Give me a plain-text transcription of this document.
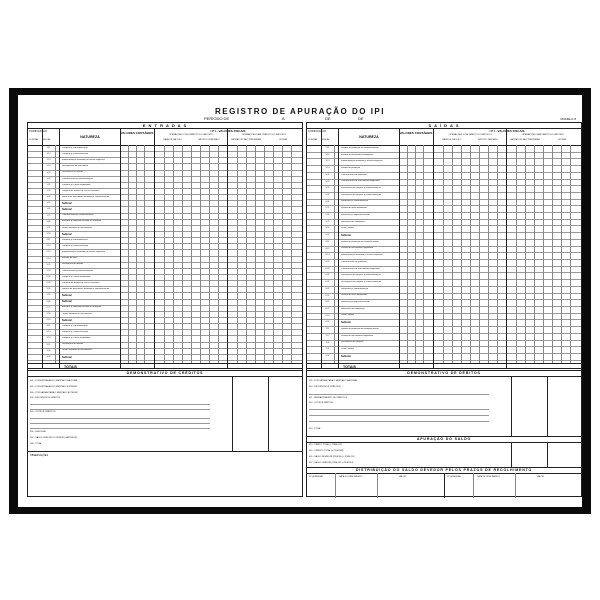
REGISTRO DE APURAÇÃO DO IPI
MODELO 8
PERÍODO DE	A	DE	DE
E N T R A D A S
CODIFICAÇÃO
CONTÁB. FISCAL
NATUREZA
VALORES CONTÁBEIS	I P I - VALORES FISCAIS
OPERAÇÕES COM CRÉDITO DO IMPOSTO	OPERAÇÕES SEM CRÉDITO DO IMPOSTO
BASE DE CÁLCULO	IMPOSTO CREDITADO	ISENTAS OU NÃO TRIBUTADAS	OUTRAS
1.11	Compras p/ industrialização
1.12	Compras p/ comercialização
1.13	Industrialização efetuada por outras empresas
1.14	Recebimento de mercadoria
1.21	Devoluções de vendas
1.22	Transferências p/ industrialização
1.31	Compras p/ o ativo imobilizado
1.32	Compras de material p/ uso ou consumo
1.41	Retorno de mercadoria remetida p/ industrialização
1.51	Subtotal
1.61	Subtotal
1.71	Transferências p/ comercialização
1.81	Entradas p/ depósito fechado ou armazém
1.91	Outras entradas de mercadorias
1.92	Subtotal
2.11	Compras p/ industrialização
2.12	Compras p/ comercialização
2.13	Industrialização efetuada por outras empresas
2.14	Entrada de bens
2.21	Devoluções de vendas
2.22	Transferências p/ industrialização
2.31	Compras p/ o ativo imobilizado
2.32	Compras de material p/ uso ou consumo
2.41	Retorno de mercadoria remetida p/ industrialização
2.51	Subtotal
2.61	Subtotal
2.71	Entradas p/ depósito fechado ou armazém
2.91	Outras entradas de mercadorias
2.92	Subtotal
3.11	Compras p/ industrialização
3.12	Compras p/ comercialização
3.13	Compras p/ o ativo imobilizado
3.21	Devoluções de vendas
3.31	Outras entradas de mercadorias
3.32	Subtotal
TOTAIS
DEMONSTRATIVO DE CRÉDITOS
001 - POR ENTRADAS DO MERCADO NACIONAL
002 - POR ENTRADAS DO MERCADO EXTERNO
003 - POR SAÍDAS PARA O MERCADO EXTERNO
004 - ESTORNOS DE DÉBITOS
005 - OUTROS CRÉDITOS
006 - SUBTOTAL
007 - SALDO CREDOR DO PERÍODO ANTERIOR
008 - TOTAL
OBSERVAÇÕES
S A Í D A S
CODIFICAÇÃO
CONTÁB. FISCAL
NATUREZA
VALORES CONTÁBEIS	I P I - VALORES FISCAIS
OPERAÇÕES COM DÉBITO DO IMPOSTO	OPERAÇÕES SEM DÉBITO DO IMPOSTO
BASE DE CÁLCULO	IMPOSTO DEBITADO	ISENTAS OU NÃO TRIBUTADAS	OUTRAS
5.11	Vendas de produção do estabelecimento
5.12	Vendas de mercadorias adquiridas
5.13	Industrialização efetuada p/ outras empresas
5.14	Vendas de produção
5.21	Transferências de produção
5.22	Transferências de mercadorias adquiridas
5.31	Devoluções de compras p/ industrialização
5.32	Devoluções de compras p/ comercialização
5.41	Remessas p/ industrialização
5.51	Vendas de ativo imobilizado
5.61	Remessas p/ depósito fechado
5.71	Remessas de vasilhames
5.91	Outras saídas
5.92	Subtotal
6.11	Vendas de produção do estabelecimento
6.12	Vendas de mercadorias adquiridas
6.13	Industrialização efetuada p/ outras empresas
6.21	Transferências de produção
6.22	Transferências de mercadorias adquiridas
6.31	Devoluções de compras p/ industrialização
6.32	Devoluções de compras p/ comercialização
6.41	Remessas p/ industrialização
6.51	Vendas de ativo imobilizado
6.61	Remessas p/ depósito fechado
6.71	Remessas de vasilhames
6.91	Outras saídas
6.92	Subtotal
7.11	Vendas de produção do estabelecimento
7.12	Vendas de mercadorias adquiridas
7.21	Devoluções de compras
7.31	Outras saídas
7.32	Subtotal
TOTAIS
DEMONSTRATIVO DE DÉBITOS
009 - POR SAÍDAS PARA O MERCADO NACIONAL
010 - ESTORNOS DE CRÉDITOS
011 - RESSARCIMENTO DE CRÉDITOS
012 - OUTROS DÉBITOS
013 - TOTAL
APURAÇÃO DO SALDO
014 - DÉBITO TOTAL (= ITEM 013)
015 - CRÉDITO TOTAL (= ITEM 008)
016 - SALDO DEVEDOR (ITEM 014 > ITEM 015)
017 - SALDO CREDOR (ITEM 015 > ITEM 014)
DISTRIBUIÇÃO DO SALDO DEVEDOR PELOS PRAZOS DE RECOLHIMENTO
Nº QUINZENA	DATA DO VENCIMENTO	VALOR	Nº QUINZENA	DATA DE VENCIMENTO	VALOR
